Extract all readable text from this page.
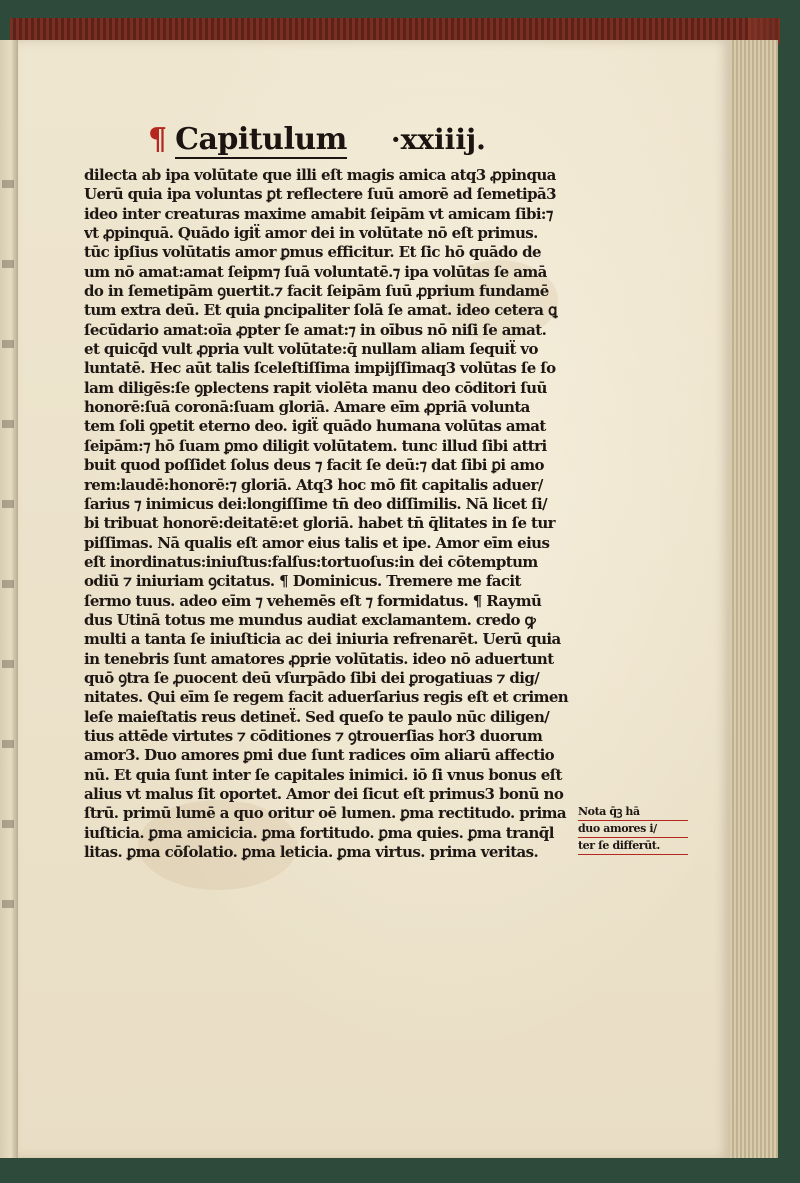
¶ Capitulum ·xxiiij.
dilecta ab ipa volūtate que illi eſt magis amica atq3 ꝓpinqua
Uerū quia ipa voluntas ꝑt reflectere ſuū amorē ad ſemetipā3
ideo inter creaturas maxime amabit ſeipām vt amicam ſibi:⁊
vt ꝓpinquā. Quādo igiẗ amor dei in volūtate nō eſt primus.
tūc ipſius volūtatis amor ꝑmus efficitur. Et ſic hō quādo de
um nō amat:amat ſeipm⁊ ſuā voluntatē.⁊ ipa volūtas ſe amā
do in ſemetipām ꝯuertit.⁊ facit ſeipām ſuū ꝓprium fundamē
tum extra deū. Et quia ꝑncipaliter ſolā ſe amat. ideo cetera ꝗ
ſecūdario amat:oīa ꝓpter ſe amat:⁊ in oībus nō niſi ſe amat.
et quicq̄d vult ꝓpria vult volūtate:q̄ nullam aliam ſequiẗ vo
luntatē. Hec aūt talis ſceleſtiſſima impijſſimaq3 volūtas ſe ſo
lam diligēs:ſe ꝯplectens rapit violēta manu deo cōditori ſuū
honorē:ſuā coronā:ſuam gloriā. Amare eīm ꝓpriā volunta
tem ſoli ꝯpetit eterno deo. igiẗ quādo humana volūtas amat
ſeipām:⁊ hō ſuam ꝑmo diligit volūtatem. tunc illud ſibi attri
buit quod poſſidet ſolus deus ⁊ facit ſe deū:⁊ dat ſibi ꝑi amo
rem:laudē:honorē:⁊ gloriā. Atq3 hoc mō fit capitalis aduer/
ſarius ⁊ inimicus dei:longiſſime tn̄ deo diſſimilis. Nā licet ſi/
bi tribuat honorē:deitatē:et gloriā. habet tn̄ q̄litates in ſe tur
piſſimas. Nā qualis eſt amor eius talis et ipe. Amor eīm eius
eſt inordinatus:iniuſtus:falſus:tortuoſus:in dei cōtemptum
odiū ⁊ iniuriam ꝯcitatus. ¶ Dominicus. Tremere me facit
ſermo tuus. adeo eīm ⁊ vehemēs eſt ⁊ formidatus. ¶ Raymū
dus Utinā totus me mundus audiat exclamantem. credo ꝙ
multi a tanta ſe iniuſticia ac dei iniuria refrenarēt. Uerū quia
in tenebris ſunt amatores ꝓprie volūtatis. ideo nō aduertunt
quō ꝯtra ſe ꝓuocent deū vſurpādo ſibi dei ꝑrogatiuas ⁊ dig/
nitates. Qui eīm ſe regem facit aduerſarius regis eſt et crimen
leſe maieſtatis reus detineẗ. Sed queſo te paulo nūc diligen/
tius attēde virtutes ⁊ cōditiones ⁊ ꝯtrouerſias hor3 duorum
amor3. Duo amores ꝑmi due ſunt radices oīm aliarū affectio
nū. Et quia ſunt inter ſe capitales inimici. iō ſi vnus bonus eſt
alius vt malus ſit oportet. Amor dei ſicut eſt primus3 bonū no
ſtrū. primū lumē a quo oritur oē lumen. ꝑma rectitudo. prima
iuſticia. ꝑma amicicia. ꝑma fortitudo. ꝑma quies. ꝑma tranq̄l
litas. ꝑma cōſolatio. ꝑma leticia. ꝑma virtus. prima veritas.
Nota q̄ꝫ hā
duo amores i/
ter ſe differūt.
